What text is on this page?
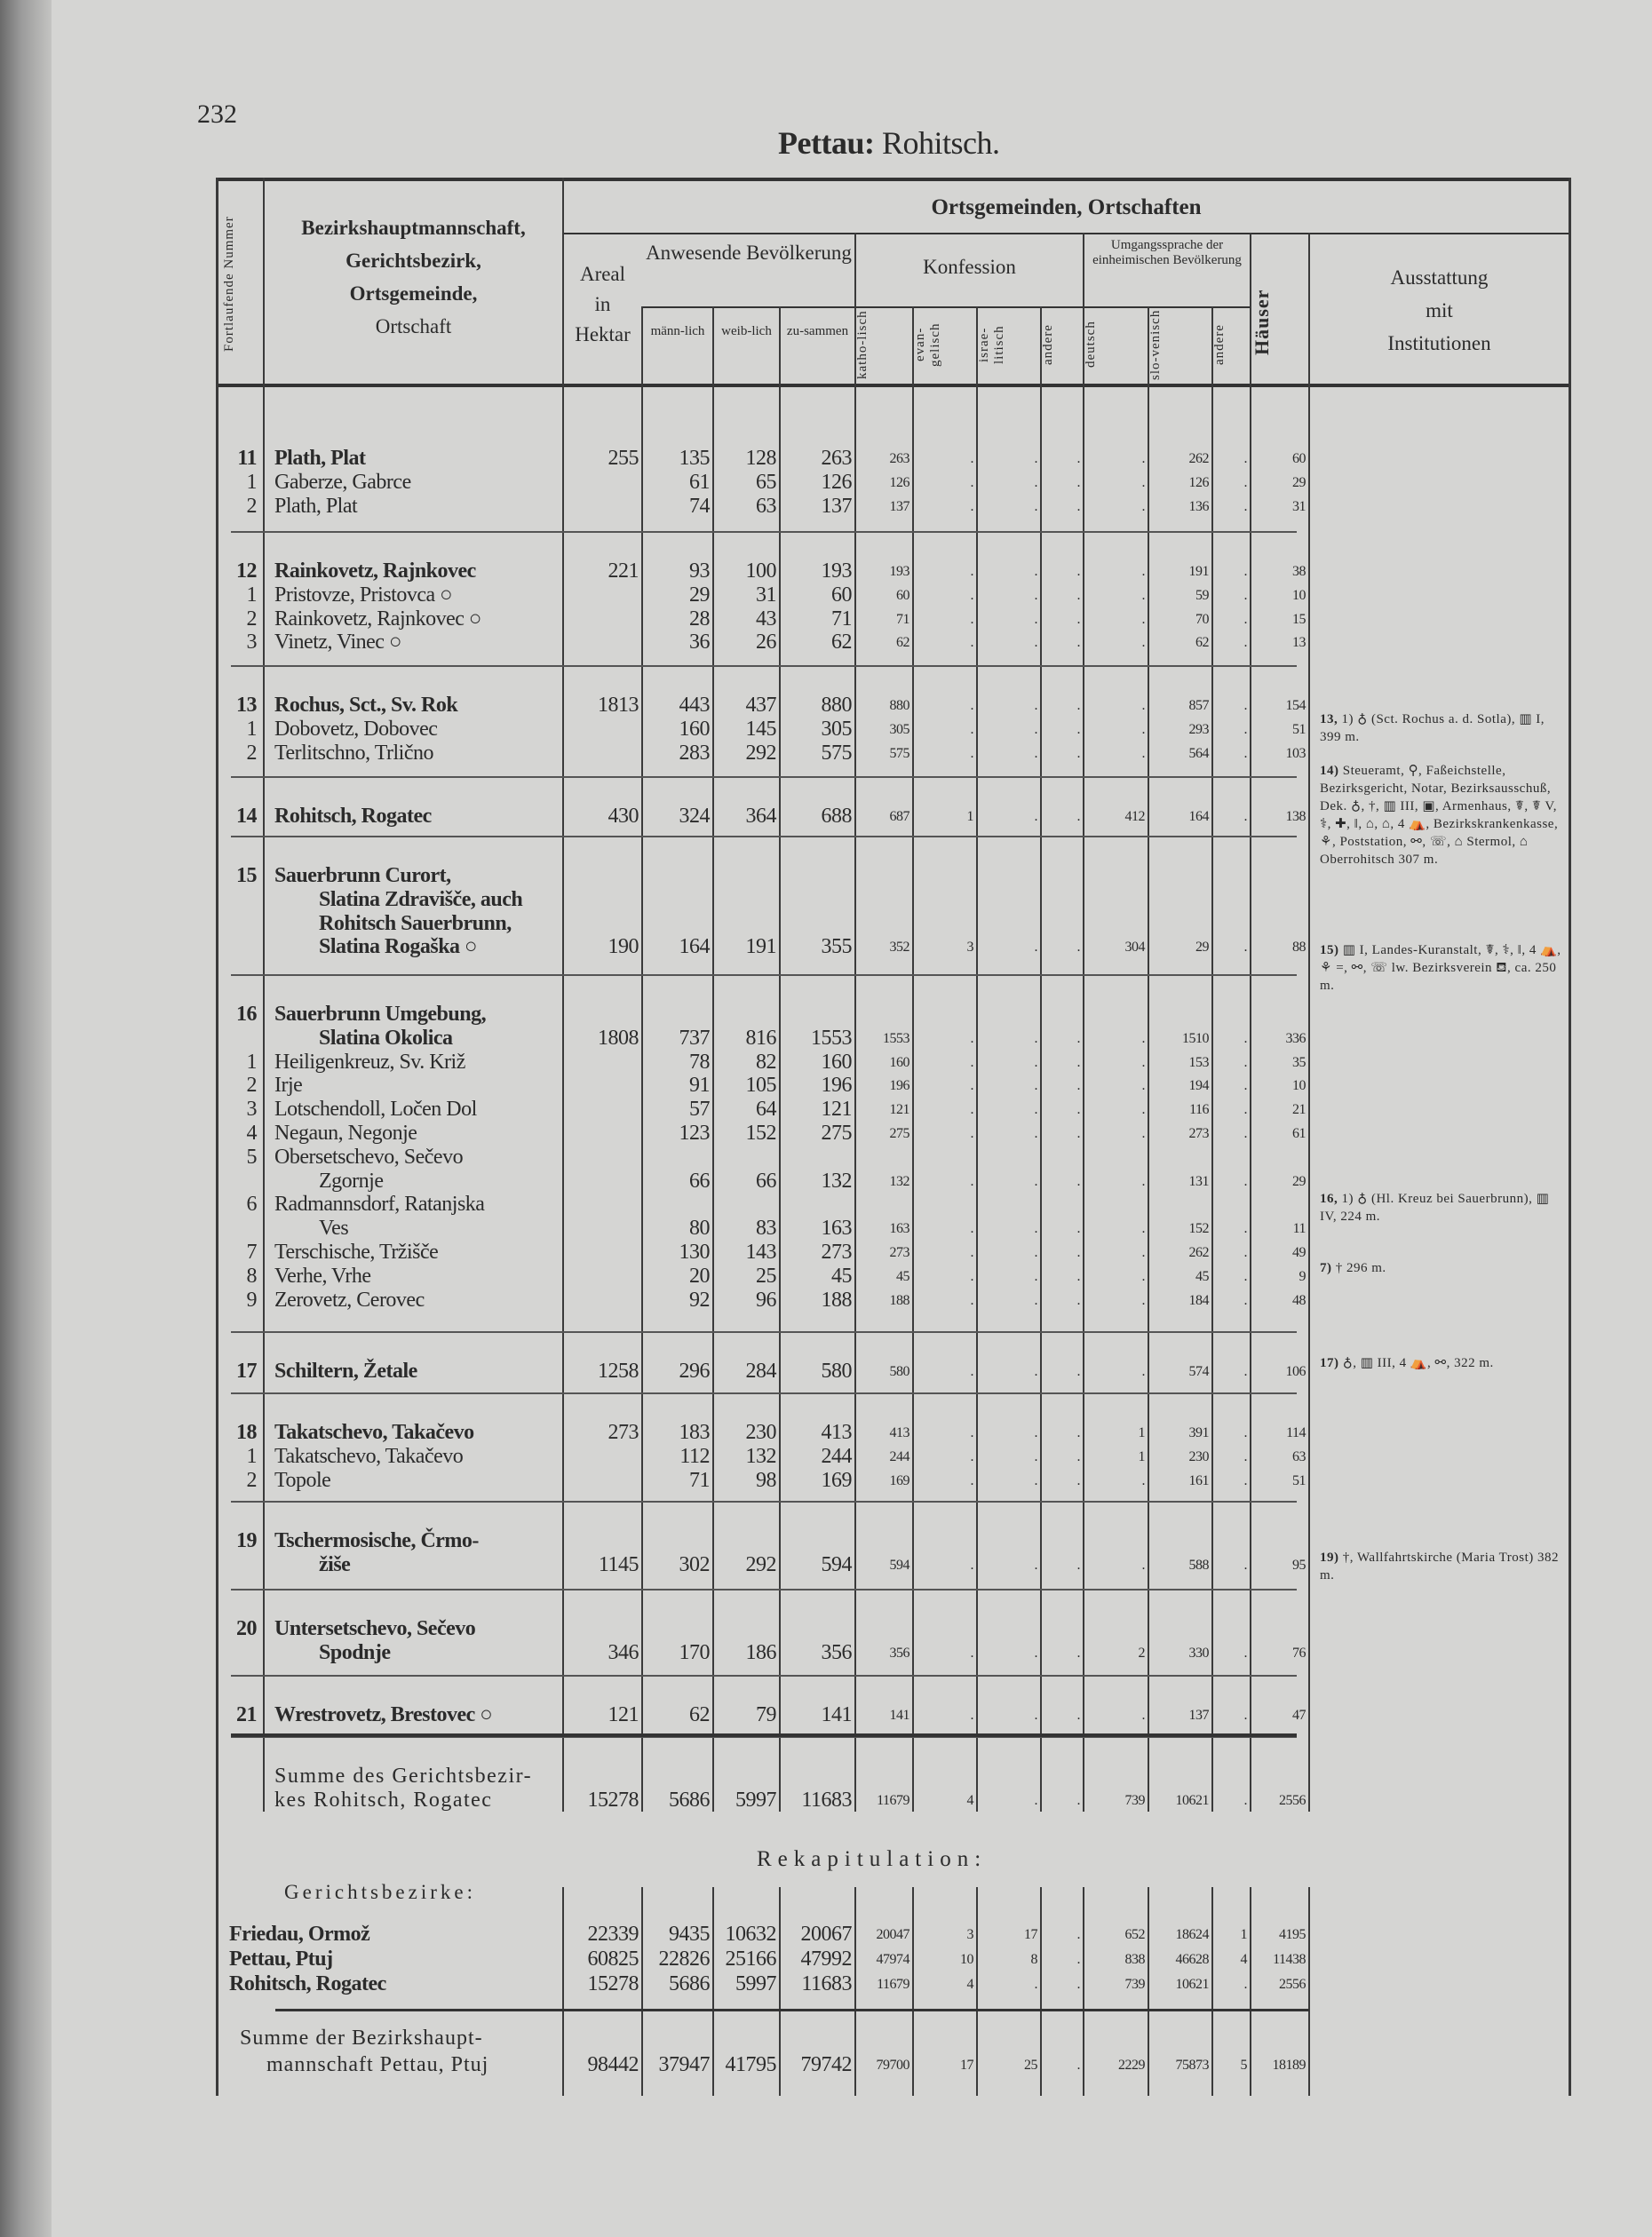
232
Pettau: Rohitsch.
Fortlaufende Nummer	Bezirkshauptmannschaft,
Gerichtsbezirk,
Ortsgemeinde,
Ortschaft
Ortsgemeinden, Ortschaften
Areal
in
Hektar
Anwesende Bevölkerung
männ-lich	weib-lich	zu-sammen
Konfession
katho-lisch	evan-gelisch	israe-litisch	andere
Umgangssprache der einheimischen Bevölkerung
deutsch	slo-venisch	andere	Häuser
Ausstattung
mit
Institutionen
11 Plath, Plat	255	135	128	263	263	.	.	.	.	262	.	60
1 Gaberze, Gabrce	61	65	126	126	.	.	.	.	126	.	29
2 Plath, Plat	74	63	137	137	.	.	.	.	136	.	31
12 Rainkovetz, Rajnkovec	221	93	100	193	193	.	.	.	.	191	.	38
1 Pristovze, Pristovca ○	29	31	60	60	.	.	.	.	59	.	10
2 Rainkovetz, Rajnkovec ○	28	43	71	71	.	.	.	.	70	.	15
3 Vinetz, Vinec ○	36	26	62	62	.	.	.	.	62	.	13
13 Rochus, Sct., Sv. Rok	1813	443	437	880	880	.	.	.	.	857	.	154
1 Dobovetz, Dobovec	160	145	305	305	.	.	.	.	293	.	51
2 Terlitschno, Trlično	283	292	575	575	.	.	.	.	564	.	103
14 Rohitsch, Rogatec	430	324	364	688	687	1	.	.	412	164	.	138
15 Sauerbrunn Curort,
Slatina Zdravišče, auch
Rohitsch Sauerbrunn,
Slatina Rogaška ○	190	164	191	355	352	3	.	.	304	29	.	88
16 Sauerbrunn Umgebung,
Slatina Okolica	1808	737	816	1553	1553	.	.	.	.	1510	.	336
1 Heiligenkreuz, Sv. Križ	78	82	160	160	.	.	.	.	153	.	35
2 Irje	91	105	196	196	.	.	.	.	194	.	10
3 Lotschendoll, Ločen Dol	57	64	121	121	.	.	.	.	116	.	21
4 Negaun, Negonje	123	152	275	275	.	.	.	.	273	.	61
5 Obersetschevo, Sečevo
Zgornje	66	66	132	132	.	.	.	.	131	.	29
6 Radmannsdorf, Ratanjska
Ves	80	83	163	163	.	.	.	.	152	.	11
7 Terschische, Tržišče	130	143	273	273	.	.	.	.	262	.	49
8 Verhe, Vrhe	20	25	45	45	.	.	.	.	45	.	9
9 Zerovetz, Cerovec	92	96	188	188	.	.	.	.	184	.	48
17 Schiltern, Žetale	1258	296	284	580	580	.	.	.	.	574	.	106
18 Takatschevo, Takačevo	273	183	230	413	413	.	.	.	1	391	.	114
1 Takatschevo, Takačevo	112	132	244	244	.	.	.	1	230	.	63
2 Topole	71	98	169	169	.	.	.	.	161	.	51
19 Tschermosische, Črmo-
žiše	1145	302	292	594	594	.	.	.	.	588	.	95
20 Untersetschevo, Sečevo
Spodnje	346	170	186	356	356	.	.	.	2	330	.	76
21 Wrestrovetz, Brestovec ○	121	62	79	141	141	.	.	.	.	137	.	47
Summe des Gerichtsbezir-
kes Rohitsch, Rogatec	15278	5686	5997	11683	11679	4	.	.	739	10621	.	2556
13, 1) ♁ (Sct. Rochus a. d. Sotla), ▥ I, 399 m.
14) Steueramt, ⚲, Faßeichstelle, Bezirksgericht, Notar, Bezirksausschuß, Dek. ♁, †, ▥ III, ▣, Armenhaus, ☤, ☤ V, ⚕, ✚, ‖, ⌂, ⌂, 4 ⛺, Bezirkskrankenkasse, ⚘, Poststation, ⚯, ☏, ⌂ Stermol, ⌂ Oberrohitsch 307 m.
15) ▥ I, Landes-Kuranstalt, ☤, ⚕, ‖, 4 ⛺, ⚘ =, ⚯, ☏ lw. Bezirksverein ⛾, ca. 250 m.
16, 1) ♁ (Hl. Kreuz bei Sauerbrunn), ▥ IV, 224 m.
7) † 296 m.
17) ♁, ▥ III, 4 ⛺, ⚯, 322 m.
19) †, Wallfahrtskirche (Maria Trost) 382 m.
Friedau, Ormož	22339	9435 10632	20067	20047	3	17	.	652	18624	1	4195
Pettau, Ptuj	60825 22826 25166	47992	47974	10	8	.	838	46628	4	11438
Rohitsch, Rogatec	15278	5686	5997	11683	11679	4	.	.	739	10621	.	2556
Summe der Bezirkshaupt-
mannschaft Pettau, Ptuj	98442 37947 41795	79742	79700	17	25	.	2229	75873	5	18189
Rekapitulation:
Gerichtsbezirke:
